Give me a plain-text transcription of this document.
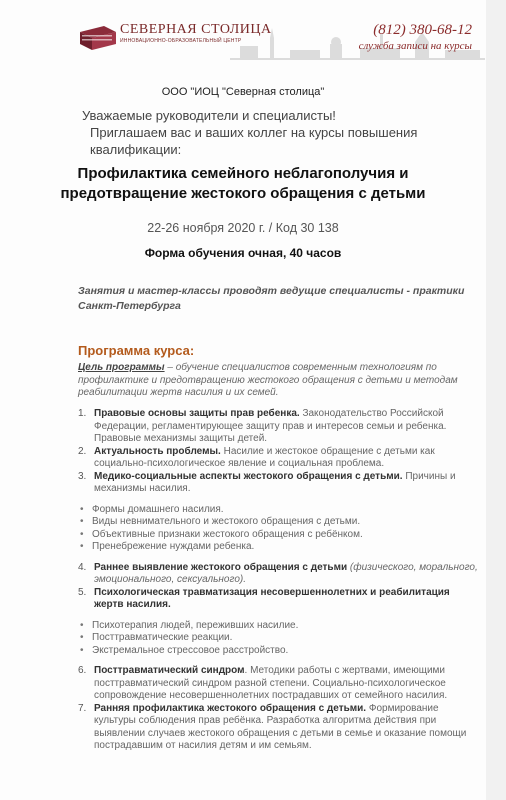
СЕВЕРНАЯ СТОЛИЦА
ИННОВАЦИОННО-ОБРАЗОВАТЕЛЬНЫЙ ЦЕНТР
(812) 380-68-12
служба записи на курсы
ООО "ИОЦ "Северная столица"
Уважаемые руководители и специалисты!
Приглашаем вас и ваших коллег на курсы повышения
квалификации:
Профилактика семейного неблагополучия и
предотвращение жестокого обращения с детьми
22-26 ноября 2020 г. / Код 30 138
Форма обучения очная, 40 часов
Занятия и мастер-классы проводят ведущие специалисты - практики
Санкт-Петербурга
Программа курса:
Цель программы – обучение специалистов современным технологиям по профилактике и предотвращению жестокого обращения с детьми и методам реабилитации жертв насилия и их семей.
1. Правовые основы защиты прав ребенка. Законодательство Российской Федерации, регламентирующее защиту прав и интересов семьи и ребенка. Правовые механизмы защиты детей.
2. Актуальность проблемы. Насилие и жестокое обращение с детьми как социально-психологическое явление и социальная проблема.
3. Медико-социальные аспекты жестокого обращения с детьми. Причины и механизмы насилия.
• Формы домашнего насилия.
• Виды невнимательного и жестокого обращения с детьми.
• Объективные признаки жестокого обращения с ребёнком.
• Пренебрежение нуждами ребенка.
4. Раннее выявление жестокого обращения с детьми (физического, морального, эмоционального, сексуального).
5. Психологическая травматизация несовершеннолетних и реабилитация жертв насилия.
• Психотерапия людей, переживших насилие.
• Посттравматические реакции.
• Экстремальное стрессовое расстройство.
6. Посттравматический синдром. Методики работы с жертвами, имеющими посттравматический синдром разной степени. Социально-психологическое сопровождение несовершеннолетних пострадавших от семейного насилия.
7. Ранняя профилактика жестокого обращения с детьми. Формирование культуры соблюдения прав ребёнка. Разработка алгоритма действия при выявлении случаев жестокого обращения с детьми в семье и оказание помощи пострадавшим от насилия детям и им семьям.
